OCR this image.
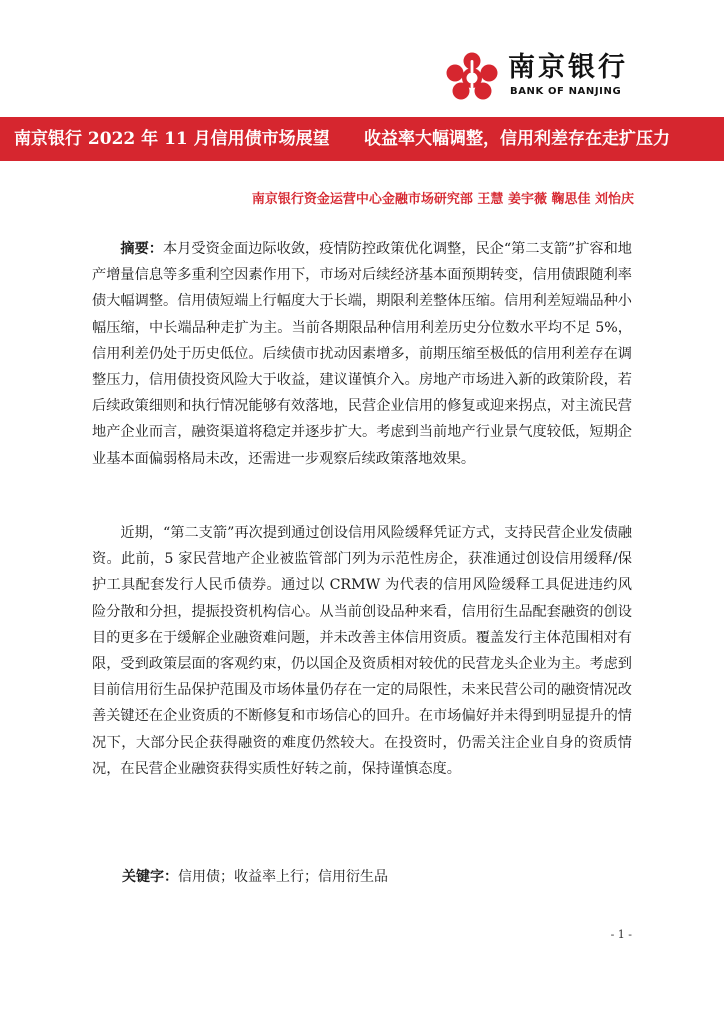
南京银行
BANK OF NANJING
南京银行 2022 年 11 月信用债市场展望 收益率大幅调整，信用利差存在走扩压力
南京银行资金运营中心金融市场研究部 王慧 姜宇薇 鞠思佳 刘怡庆

摘要：本月受资金面边际收敛，疫情防控政策优化调整，民企“第二支箭”扩容和地产增量信息等多重利空因素作用下，市场对后续经济基本面预期转变，信用债跟随利率债大幅调整。信用债短端上行幅度大于长端，期限利差整体压缩。信用利差短端品种小幅压缩，中长端品种走扩为主。当前各期限品种信用利差历史分位数水平均不足 5%，信用利差仍处于历史低位。后续债市扰动因素增多，前期压缩至极低的信用利差存在调整压力，信用债投资风险大于收益，建议谨慎介入。房地产市场进入新的政策阶段，若后续政策细则和执行情况能够有效落地，民营企业信用的修复或迎来拐点，对主流民营地产企业而言，融资渠道将稳定并逐步扩大。考虑到当前地产行业景气度较低，短期企业基本面偏弱格局未改，还需进一步观察后续政策落地效果。

近期，“第二支箭”再次提到通过创设信用风险缓释凭证方式，支持民营企业发债融资。此前，5 家民营地产企业被监管部门列为示范性房企，获准通过创设信用缓释/保护工具配套发行人民币债券。通过以 CRMW 为代表的信用风险缓释工具促进违约风险分散和分担，提振投资机构信心。从当前创设品种来看，信用衍生品配套融资的创设目的更多在于缓解企业融资难问题，并未改善主体信用资质。覆盖发行主体范围相对有限，受到政策层面的客观约束，仍以国企及资质相对较优的民营龙头企业为主。考虑到目前信用衍生品保护范围及市场体量仍存在一定的局限性，未来民营公司的融资情况改善关键还在企业资质的不断修复和市场信心的回升。在市场偏好并未得到明显提升的情况下，大部分民企获得融资的难度仍然较大。在投资时，仍需关注企业自身的资质情况，在民营企业融资获得实质性好转之前，保持谨慎态度。

关键字：信用债；收益率上行；信用衍生品
- 1 -
